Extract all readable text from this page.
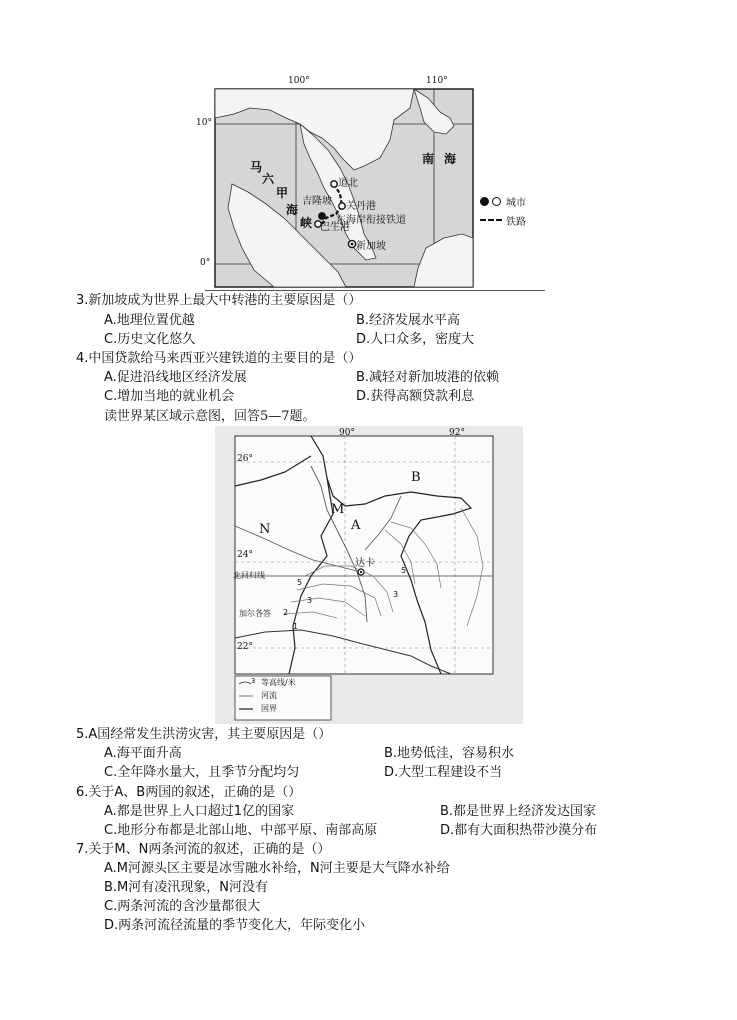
100°	110°
10°
0°
南海
马
六
甲
海
峡
道北
吉隆坡 关丹港
东海岸衔接铁道
巴生港
新加坡
城市
铁路
3.新加坡成为世界上最大中转港的主要原因是（）
A.地理位置优越	B.经济发展水平高
C.历史文化悠久	D.人口众多，密度大
4.中国贷款给马来西亚兴建铁道的主要目的是（）
A.促进沿线地区经济发展	B.减轻对新加坡港的依赖
C.增加当地的就业机会	D.获得高额贷款利息
读世界某区域示意图，回答5—7题。
90°	92°
26°
24°
22°
B
M
N	A
达卡
北回归线
加尔各答
5
3
2
1
5
3
3 等高线/米
河流
国界
5.A国经常发生洪涝灾害，其主要原因是（）
A.海平面升高	B.地势低洼，容易积水
C.全年降水量大，且季节分配均匀	D.大型工程建设不当
6.关于A、B两国的叙述，正确的是（）
A.都是世界上人口超过1亿的国家	B.都是世界上经济发达国家
C.地形分布都是北部山地、中部平原、南部高原	D.都有大面积热带沙漠分布
7.关于M、N两条河流的叙述，正确的是（）
A.M河源头区主要是冰雪融水补给，N河主要是大气降水补给
B.M河有凌汛现象，N河没有
C.两条河流的含沙量都很大
D.两条河流径流量的季节变化大，年际变化小
